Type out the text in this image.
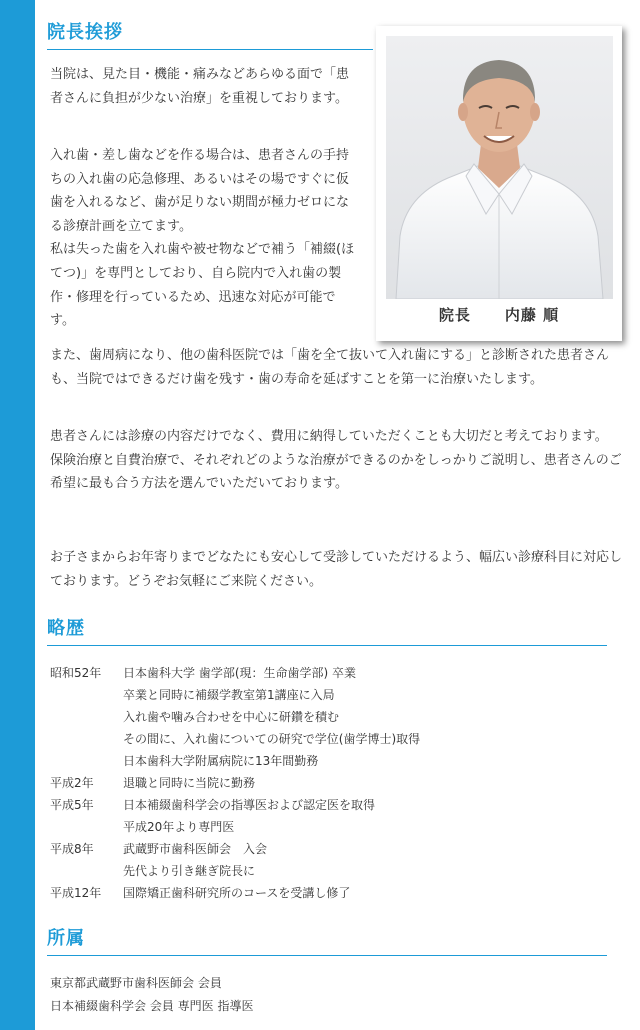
院長挨拶

当院は、見た目・機能・痛みなどあらゆる面で「患者さんに負担が少ない治療」を重視しております。

入れ歯・差し歯などを作る場合は、患者さんの手持ちの入れ歯の応急修理、あるいはその場ですぐに仮歯を入れるなど、歯が足りない期間が極力ゼロになる診療計画を立てます。
私は失った歯を入れ歯や被せ物などで補う「補綴(ほてつ)」を専門としており、自ら院内で入れ歯の製作・修理を行っているため、迅速な対応が可能です。

また、歯周病になり、他の歯科医院では「歯を全て抜いて入れ歯にする」と診断された患者さんも、当院ではできるだけ歯を残す・歯の寿命を延ばすことを第一に治療いたします。

患者さんには診療の内容だけでなく、費用に納得していただくことも大切だと考えております。
保険治療と自費治療で、それぞれどのような治療ができるのかをしっかりご説明し、患者さんのご希望に最も合う方法を選んでいただいております。

お子さまからお年寄りまでどなたにも安心して受診していただけるよう、幅広い診療科目に対応しております。どうぞお気軽にご来院ください。

院長 内藤 順
略歴
昭和52年	日本歯科大学 歯学部(現：生命歯学部) 卒業
卒業と同時に補綴学教室第1講座に入局
入れ歯や噛み合わせを中心に研鑽を積む
その間に、入れ歯についての研究で学位(歯学博士)取得
日本歯科大学附属病院に13年間勤務
平成2年	退職と同時に当院に勤務
平成5年	日本補綴歯科学会の指導医および認定医を取得
平成20年より専門医
平成8年	武蔵野市歯科医師会　入会
先代より引き継ぎ院長に
平成12年	国際矯正歯科研究所のコースを受講し修了
所属
東京都武蔵野市歯科医師会 会員
日本補綴歯科学会 会員 専門医 指導医
